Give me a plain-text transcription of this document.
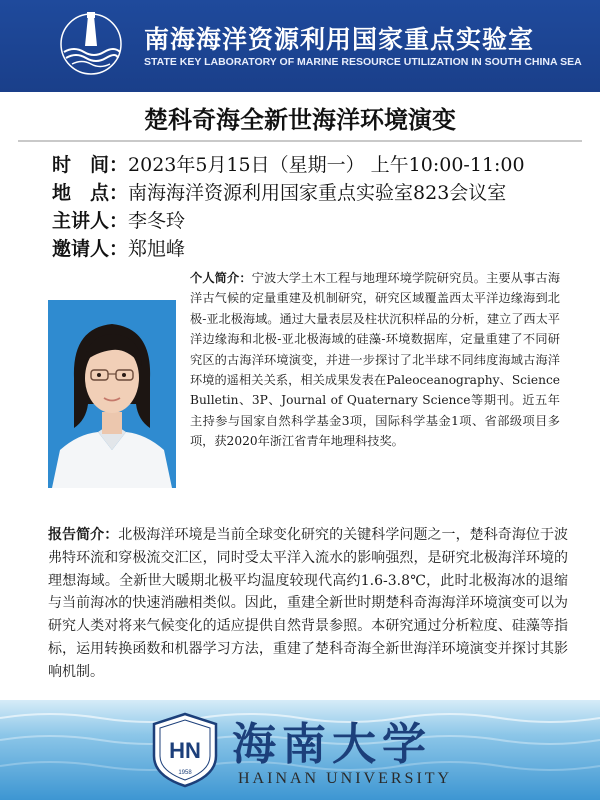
南海海洋资源利用国家重点实验室
STATE KEY LABORATORY OF MARINE RESOURCE UTILIZATION IN SOUTH CHINA SEA
楚科奇海全新世海洋环境演变
时　间：2023年5月15日（星期一） 上午10:00-11:00
地　点：南海海洋资源利用国家重点实验室823会议室
主讲人：李冬玲
邀请人：郑旭峰
个人简介：宁波大学土木工程与地理环境学院研究员。主要从事古海洋古气候的定量重建及机制研究，研究区域覆盖西太平洋边缘海到北极-亚北极海域。通过大量表层及柱状沉积样品的分析，建立了西太平洋边缘海和北极-亚北极海域的硅藻-环境数据库，定量重建了不同研究区的古海洋环境演变，并进一步探讨了北半球不同纬度海域古海洋环境的遥相关关系，相关成果发表在Paleoceanography、Science Bulletin、3P、Journal of Quaternary Science等期刊。近五年主持参与国家自然科学基金3项，国际科学基金1项、省部级项目多项，获2020年浙江省青年地理科技奖。
报告简介：北极海洋环境是当前全球变化研究的关键科学问题之一，楚科奇海位于波弗特环流和穿极流交汇区，同时受太平洋入流水的影响强烈，是研究北极海洋环境的理想海域。全新世大暖期北极平均温度较现代高约1.6-3.8℃，此时北极海冰的退缩与当前海冰的快速消融相类似。因此，重建全新世时期楚科奇海海洋环境演变可以为研究人类对将来气候变化的适应提供自然背景参照。本研究通过分析粒度、硅藻等指标，运用转换函数和机器学习方法，重建了楚科奇海全新世海洋环境演变并探讨其影响机制。
HN
1958
海南大学
HAINAN UNIVERSITY
